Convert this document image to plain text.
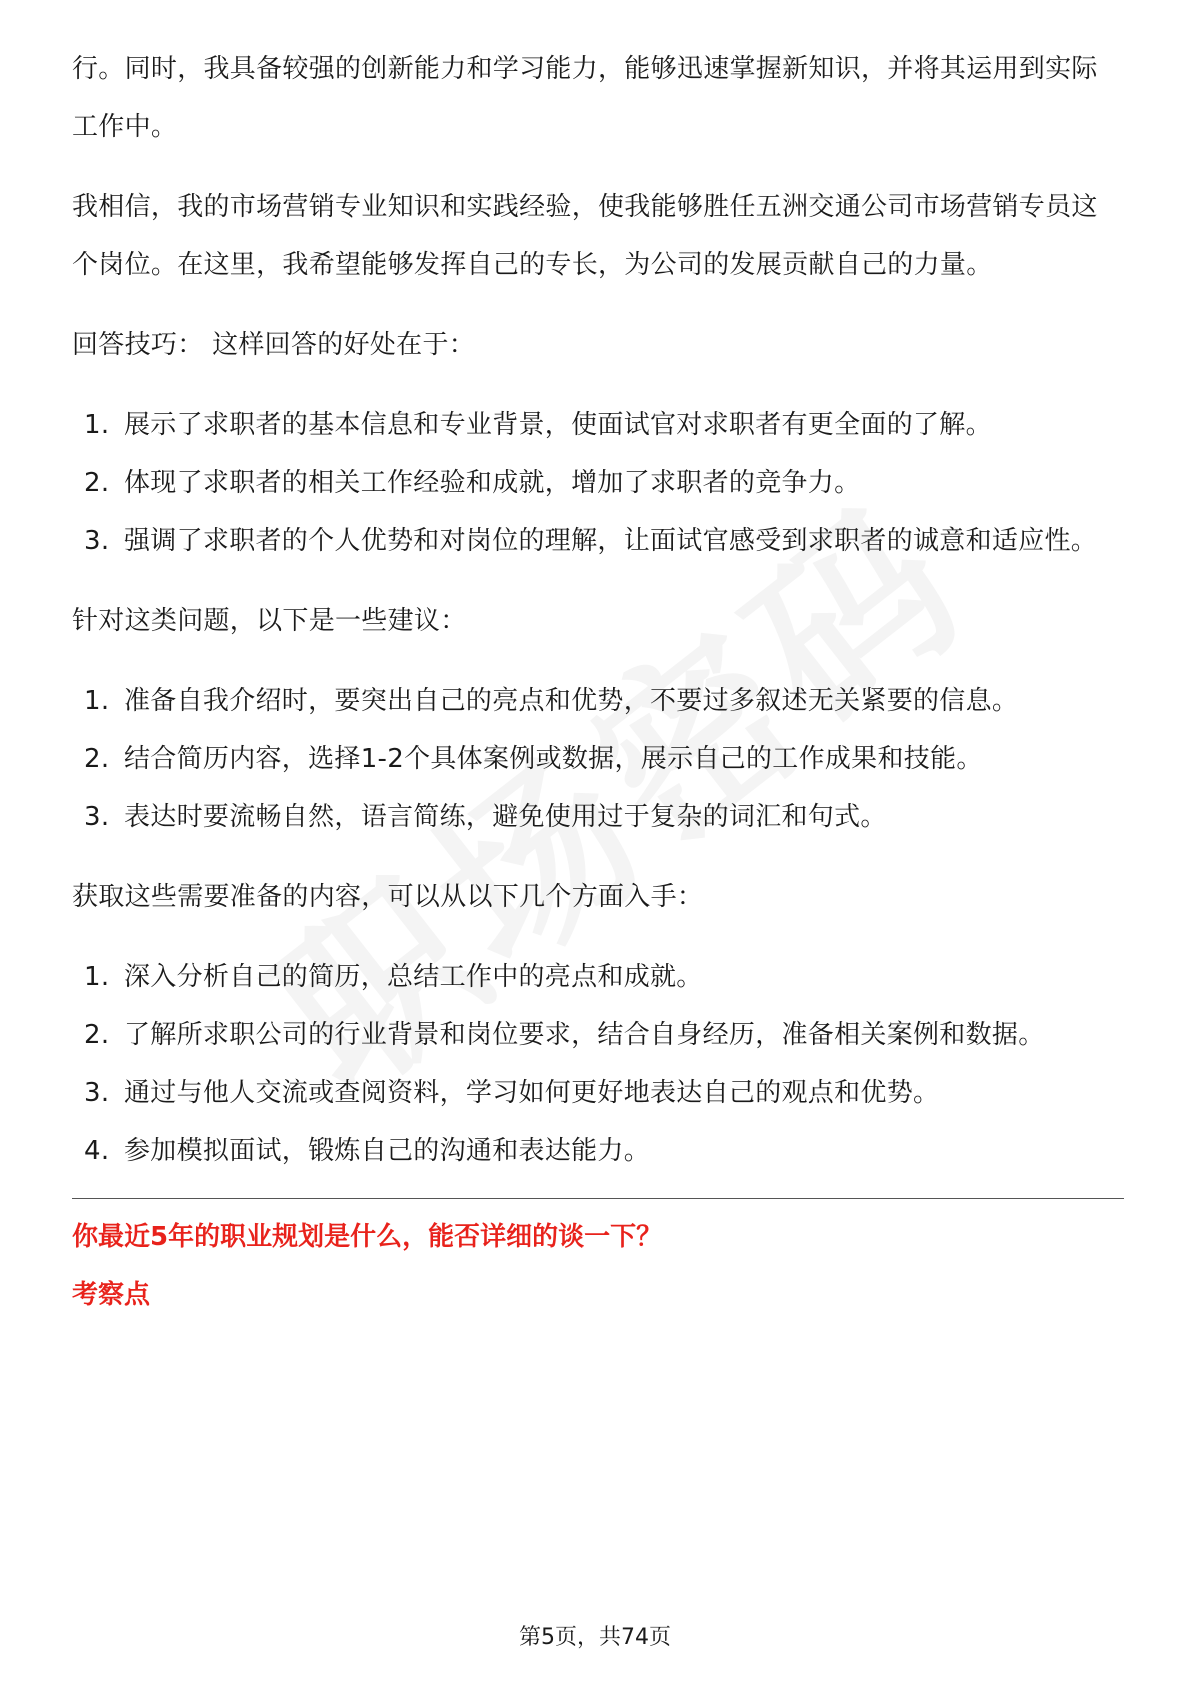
行。同时，我具备较强的创新能力和学习能力，能够迅速掌握新知识，并将其运用到实际工作中。

我相信，我的市场营销专业知识和实践经验，使我能够胜任五洲交通公司市场营销专员这个岗位。在这里，我希望能够发挥自己的专长，为公司的发展贡献自己的力量。

回答技巧： 这样回答的好处在于：

1. 展示了求职者的基本信息和专业背景，使面试官对求职者有更全面的了解。
2. 体现了求职者的相关工作经验和成就，增加了求职者的竞争力。
3. 强调了求职者的个人优势和对岗位的理解，让面试官感受到求职者的诚意和适应性。

针对这类问题，以下是一些建议：

1. 准备自我介绍时，要突出自己的亮点和优势，不要过多叙述无关紧要的信息。
2. 结合简历内容，选择1-2个具体案例或数据，展示自己的工作成果和技能。
3. 表达时要流畅自然，语言简练，避免使用过于复杂的词汇和句式。

获取这些需要准备的内容，可以从以下几个方面入手：

1. 深入分析自己的简历，总结工作中的亮点和成就。
2. 了解所求职公司的行业背景和岗位要求，结合自身经历，准备相关案例和数据。
3. 通过与他人交流或查阅资料，学习如何更好地表达自己的观点和优势。
4. 参加模拟面试，锻炼自己的沟通和表达能力。

你最近5年的职业规划是什么，能否详细的谈一下？

考察点

第5页，共74页
